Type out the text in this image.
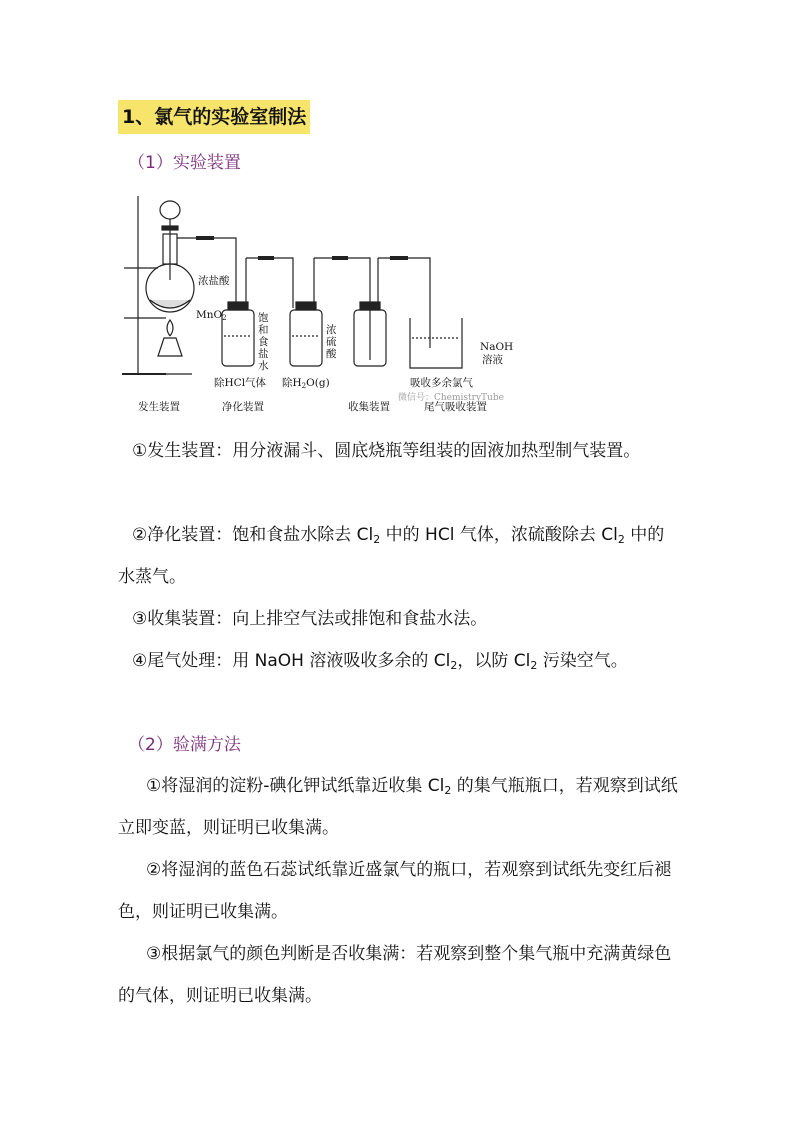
1、氯气的实验室制法
（1）实验装置
浓盐酸
MnO2	饱
和
食
盐
水
浓
硫
酸
NaOH
溶液
除HCl气体 除H2O(g)	吸收多余氯气
发生装置	净化装置	收集装置	尾气吸收装置
微信号：ChemistryTube
①发生装置：用分液漏斗、圆底烧瓶等组装的固液加热型制气装置。
②净化装置：饱和食盐水除去 $Cl_2$ 中的 HCl 气体，浓硫酸除去 $Cl_2$ 中的水蒸气。
③收集装置：向上排空气法或排饱和食盐水法。
④尾气处理：用 NaOH 溶液吸收多余的 $Cl_2$，以防 $Cl_2$ 污染空气。
（2）验满方法
①将湿润的淀粉-碘化钾试纸靠近收集 $Cl_2$ 的集气瓶瓶口，若观察到试纸立即变蓝，则证明已收集满。
②将湿润的蓝色石蕊试纸靠近盛氯气的瓶口，若观察到试纸先变红后褪色，则证明已收集满。
③根据氯气的颜色判断是否收集满：若观察到整个集气瓶中充满黄绿色的气体，则证明已收集满。
